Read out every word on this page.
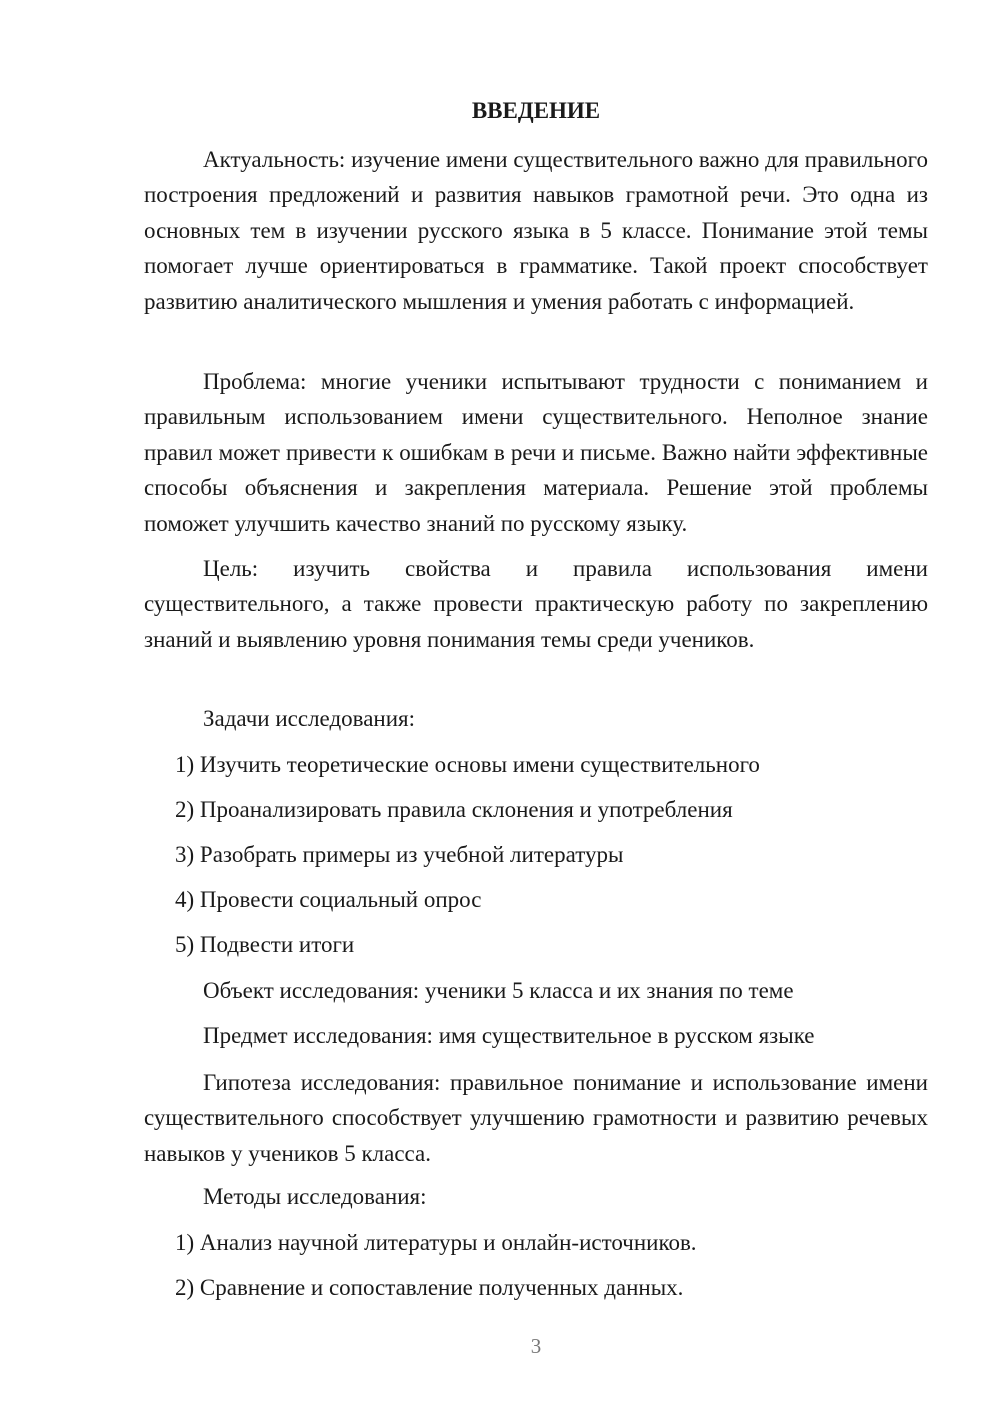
ВВЕДЕНИЕ

Актуальность: изучение имени существительного важно для правильного построения предложений и развития навыков грамотной речи. Это одна из основных тем в изучении русского языка в 5 классе. Понимание этой темы помогает лучше ориентироваться в грамматике. Такой проект способствует развитию аналитического мышления и умения работать с информацией.

Проблема: многие ученики испытывают трудности с пониманием и правильным использованием имени существительного. Неполное знание правил может привести к ошибкам в речи и письме. Важно найти эффективные способы объяснения и закрепления материала. Решение этой проблемы поможет улучшить качество знаний по русскому языку.

Цель: изучить свойства и правила использования имени существительного, а также провести практическую работу по закреплению знаний и выявлению уровня понимания темы среди учеников.

Задачи исследования:

1) Изучить теоретические основы имени существительного

2) Проанализировать правила склонения и употребления

3) Разобрать примеры из учебной литературы

4) Провести социальный опрос

5) Подвести итоги

Объект исследования: ученики 5 класса и их знания по теме

Предмет исследования: имя существительное в русском языке

Гипотеза исследования: правильное понимание и использование имени существительного способствует улучшению грамотности и развитию речевых навыков у учеников 5 класса.

Методы исследования:

1) Анализ научной литературы и онлайн-источников.

2) Сравнение и сопоставление полученных данных.

3
